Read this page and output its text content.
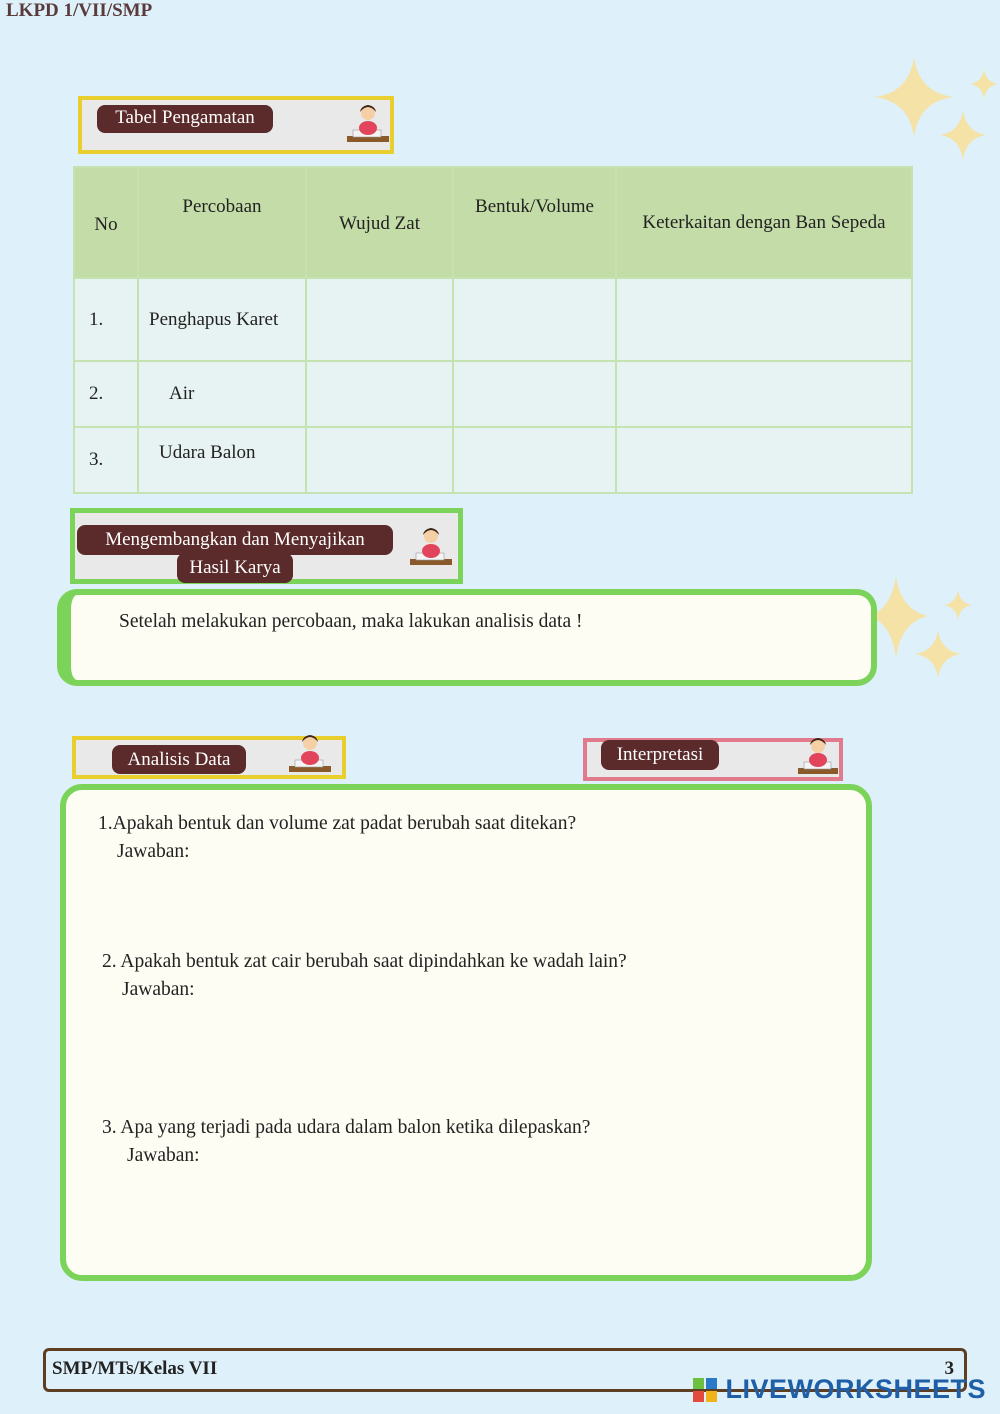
LKPD 1/VII/SMP
Tabel Pengamatan
No	Percobaan	Wujud Zat	Bentuk/Volume	Keterkaitan dengan Ban Sepeda
1.	Penghapus Karet			
2.	Air			
3.	Udara Balon			
Mengembangkan dan Menyajikan
Hasil Karya
Setelah melakukan percobaan, maka lakukan analisis data !
Analisis Data	Interpretasi
1.Apakah bentuk dan volume zat padat berubah saat ditekan?
Jawaban:
2. Apakah bentuk zat cair berubah saat dipindahkan ke wadah lain?
Jawaban:
3. Apa yang terjadi pada udara dalam balon ketika dilepaskan?
Jawaban:
SMP/MTs/Kelas VII	3
LIVEWORKSHEETS
